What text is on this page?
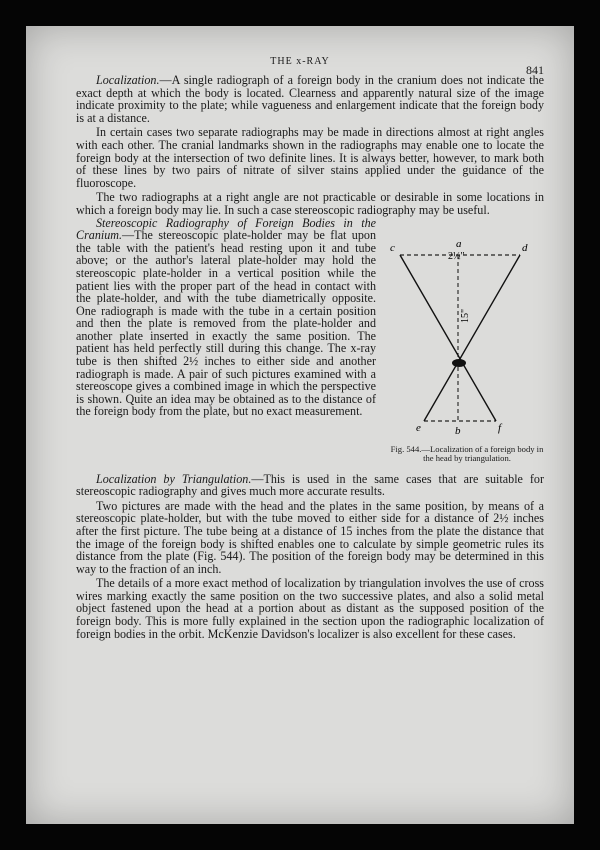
THE x-RAY
841

Localization.—A single radiograph of a foreign body in the cranium does not indicate the exact depth at which the body is located. Clearness and apparently natural size of the image indicate proximity to the plate; while vagueness and enlargement indicate that the foreign body is at a distance.

In certain cases two separate radiographs may be made in directions almost at right angles with each other. The cranial landmarks shown in the radiographs may enable one to locate the foreign body at the intersection of two definite lines. It is always better, however, to mark both of these lines by two pairs of nitrate of silver stains applied under the guidance of the fluoroscope.

The two radiographs at a right angle are not practicable or desirable in some locations in which a foreign body may lie. In such a case stereoscopic radiography may be useful.

a
c	d
e	b	f
2½"
15"
Fig. 544.—Localization of a foreign body in the head by triangulation.

Stereoscopic Radiography of Foreign Bodies in the Cranium.—The stereoscopic plate-holder may be flat upon the table with the patient's head resting upon it and tube above; or the author's lateral plate-holder may hold the stereoscopic plate-holder in a vertical position while the patient lies with the proper part of the head in contact with the plate-holder, and with the tube diametrically opposite. One radiograph is made with the tube in a certain position and then the plate is removed from the plate-holder and another plate inserted in exactly the same position. The patient has held perfectly still during this change. The x-ray tube is then shifted 2½ inches to either side and another radiograph is made. A pair of such pictures examined with a stereoscope gives a combined image in which the perspective is shown. Quite an idea may be obtained as to the distance of the foreign body from the plate, but no exact measurement.

Localization by Triangulation.—This is used in the same cases that are suitable for stereoscopic radiography and gives much more accurate results.

Two pictures are made with the head and the plates in the same position, by means of a stereoscopic plate-holder, but with the tube moved to either side for a distance of 2½ inches after the first picture. The tube being at a distance of 15 inches from the plate the distance that the image of the foreign body is shifted enables one to calculate by simple geometric rules its distance from the plate (Fig. 544). The position of the foreign body may be determined in this way to the fraction of an inch.

The details of a more exact method of localization by triangulation involves the use of cross wires marking exactly the same position on the two successive plates, and also a solid metal object fastened upon the head at a portion about as distant as the supposed position of the foreign body. This is more fully explained in the section upon the radiographic localization of foreign bodies in the orbit. McKenzie Davidson's localizer is also excellent for these cases.
